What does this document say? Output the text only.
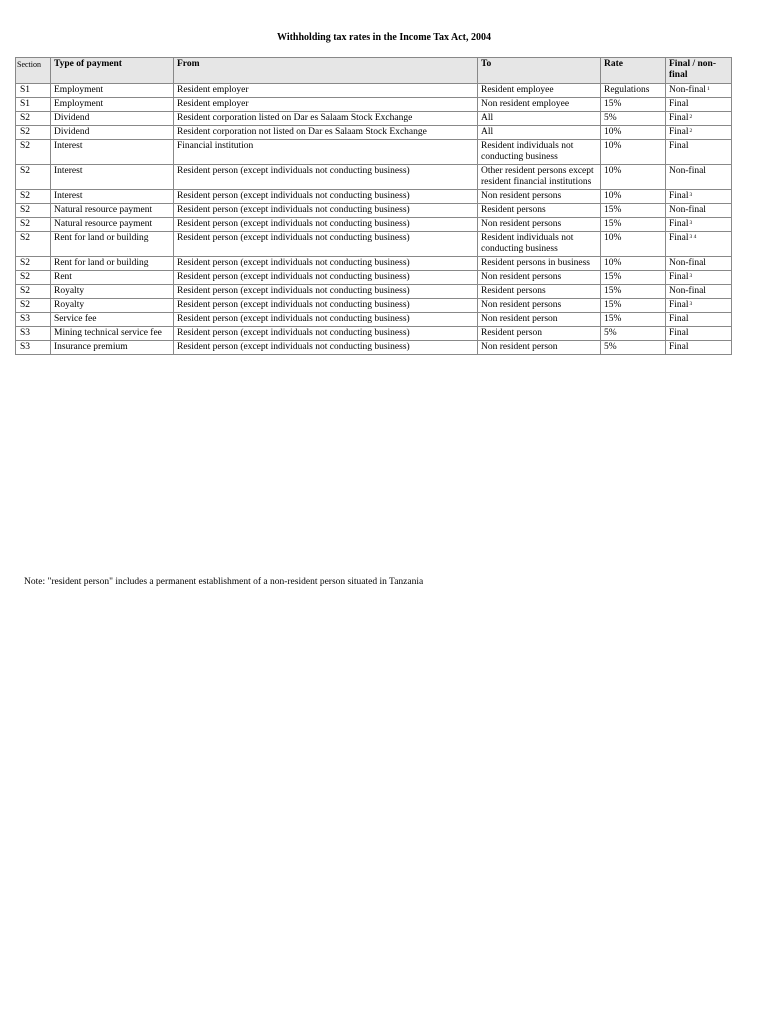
Withholding tax rates in the Income Tax Act, 2004
Section	Type of payment	From	To	Rate	Final / non-final
S1	Employment	Resident employer	Resident employee	Regulations	Non-final$^1$
S1	Employment	Resident employer	Non resident employee	15%	Final
S2	Dividend	Resident corporation listed on Dar es Salaam Stock Exchange	All	5%	Final$^2$
S2	Dividend	Resident corporation not listed on Dar es Salaam Stock Exchange	All	10%	Final$^2$
S2	Interest	Financial institution	Resident individuals not conducting business	10%	Final
S2	Interest	Resident person (except individuals not conducting business)	Other resident persons except resident financial institutions	10%	Non-final
S2	Interest	Resident person (except individuals not conducting business)	Non resident persons	10%	Final$^3$
S2	Natural resource payment	Resident person (except individuals not conducting business)	Resident persons	15%	Non-final
S2	Natural resource payment	Resident person (except individuals not conducting business)	Non resident persons	15%	Final$^3$
S2	Rent for land or building	Resident person (except individuals not conducting business)	Resident individuals not conducting business	10%	Final$^{3 4}$
S2	Rent for land or building	Resident person (except individuals not conducting business)	Resident persons in business	10%	Non-final
S2	Rent	Resident person (except individuals not conducting business)	Non resident persons	15%	Final$^3$
S2	Royalty	Resident person (except individuals not conducting business)	Resident persons	15%	Non-final
S2	Royalty	Resident person (except individuals not conducting business)	Non resident persons	15%	Final$^3$
S3	Service fee	Resident person (except individuals not conducting business)	Non resident person	15%	Final
S3	Mining technical service fee	Resident person (except individuals not conducting business)	Resident person	5%	Final
S3	Insurance premium	Resident person (except individuals not conducting business)	Non resident person	5%	Final
Note: "resident person" includes a permanent establishment of a non-resident person situated in Tanzania
